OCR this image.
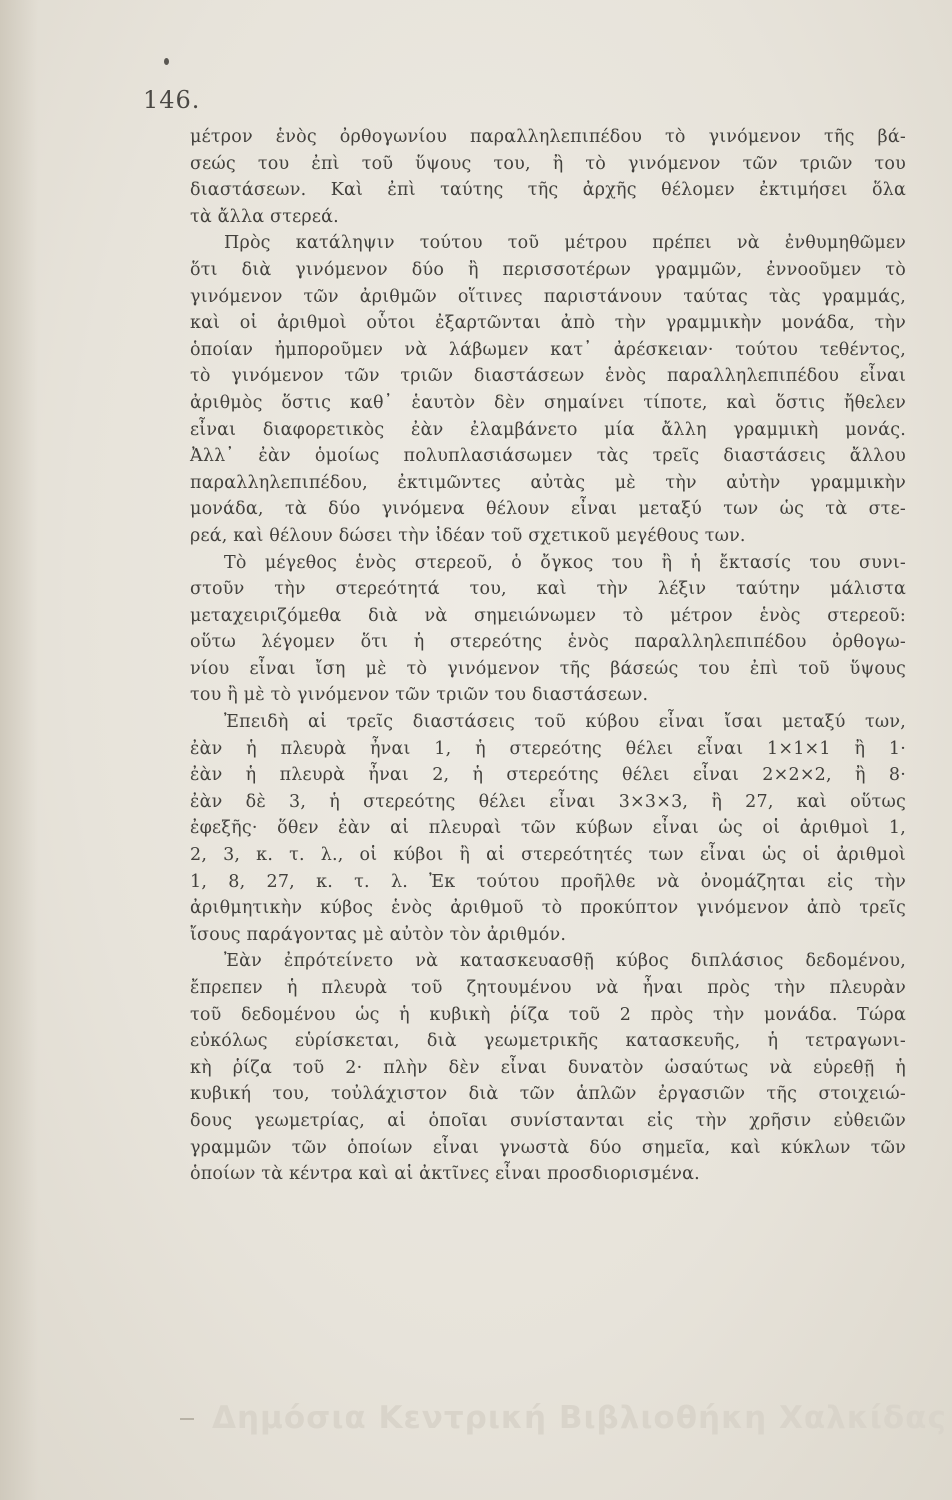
146.
μέτρον ἑνὸς ὀρθογωνίου παραλληλεπιπέδου τὸ γινόμενον τῆς βά-
σεώς του ἐπὶ τοῦ ὕψους του, ἢ τὸ γινόμενον τῶν τριῶν του
διαστάσεων. Καὶ ἐπὶ ταύτης τῆς ἀρχῆς θέλομεν ἐκτιμήσει ὅλα
τὰ ἄλλα στερεά.
Πρὸς κατάληψιν τούτου τοῦ μέτρου πρέπει νὰ ἐνθυμηθῶμεν
ὅτι διὰ γινόμενον δύο ἢ περισσοτέρων γραμμῶν, ἐννοοῦμεν τὸ
γινόμενον τῶν ἀριθμῶν οἵτινες παριστάνουν ταύτας τὰς γραμμάς,
καὶ οἱ ἀριθμοὶ οὗτοι ἐξαρτῶνται ἀπὸ τὴν γραμμικὴν μονάδα, τὴν
ὁποίαν ἠμποροῦμεν νὰ λάβωμεν κατ᾿ ἀρέσκειαν· τούτου τεθέντος,
τὸ γινόμενον τῶν τριῶν διαστάσεων ἑνὸς παραλληλεπιπέδου εἶναι
ἀριθμὸς ὅστις καθ᾿ ἑαυτὸν δὲν σημαίνει τίποτε, καὶ ὅστις ἤθελεν
εἶναι διαφορετικὸς ἐὰν ἐλαμβάνετο μία ἄλλη γραμμικὴ μονάς.
Ἀλλ᾿ ἐὰν ὁμοίως πολυπλασιάσωμεν τὰς τρεῖς διαστάσεις ἄλλου
παραλληλεπιπέδου, ἐκτιμῶντες αὐτὰς μὲ τὴν αὐτὴν γραμμικὴν
μονάδα, τὰ δύο γινόμενα θέλουν εἶναι μεταξύ των ὡς τὰ στε-
ρεά, καὶ θέλουν δώσει τὴν ἰδέαν τοῦ σχετικοῦ μεγέθους των.
Τὸ μέγεθος ἑνὸς στερεοῦ, ὁ ὄγκος του ἢ ἡ ἔκτασίς του συνι-
στοῦν τὴν στερεότητά του, καὶ τὴν λέξιν ταύτην μάλιστα
μεταχειριζόμεθα διὰ νὰ σημειώνωμεν τὸ μέτρον ἑνὸς στερεοῦ:
οὕτω λέγομεν ὅτι ἡ στερεότης ἑνὸς παραλληλεπιπέδου ὀρθογω-
νίου εἶναι ἴση μὲ τὸ γινόμενον τῆς βάσεώς του ἐπὶ τοῦ ὕψους
του ἢ μὲ τὸ γινόμενον τῶν τριῶν του διαστάσεων.
Ἐπειδὴ αἱ τρεῖς διαστάσεις τοῦ κύβου εἶναι ἴσαι μεταξύ των,
ἐὰν ἡ πλευρὰ ἦναι 1, ἡ στερεότης θέλει εἶναι 1×1×1 ἢ 1·
ἐὰν ἡ πλευρὰ ἦναι 2, ἡ στερεότης θέλει εἶναι 2×2×2, ἢ 8·
ἐὰν δὲ 3, ἡ στερεότης θέλει εἶναι 3×3×3, ἢ 27, καὶ οὕτως
ἐφεξῆς· ὅθεν ἐὰν αἱ πλευραὶ τῶν κύβων εἶναι ὡς οἱ ἀριθμοὶ 1,
2, 3, κ. τ. λ., οἱ κύβοι ἢ αἱ στερεότητές των εἶναι ὡς οἱ ἀριθμοὶ
1, 8, 27, κ. τ. λ. Ἐκ τούτου προῆλθε νὰ ὀνομάζηται εἰς τὴν
ἀριθμητικὴν κύβος ἑνὸς ἀριθμοῦ τὸ προκύπτον γινόμενον ἀπὸ τρεῖς
ἴσους παράγοντας μὲ αὐτὸν τὸν ἀριθμόν.
Ἐὰν ἐπρότείνετο νὰ κατασκευασθῇ κύβος διπλάσιος δεδομένου,
ἔπρεπεν ἡ πλευρὰ τοῦ ζητουμένου νὰ ἦναι πρὸς τὴν πλευρὰν
τοῦ δεδομένου ὡς ἡ κυβικὴ ῥίζα τοῦ 2 πρὸς τὴν μονάδα. Τώρα
εὐκόλως εὑρίσκεται, διὰ γεωμετρικῆς κατασκευῆς, ἡ τετραγωνι-
κὴ ῥίζα τοῦ 2· πλὴν δὲν εἶναι δυνατὸν ὡσαύτως νὰ εὑρεθῇ ἡ
κυβική του, τοὐλάχιστον διὰ τῶν ἁπλῶν ἐργασιῶν τῆς στοιχειώ-
δους γεωμετρίας, αἱ ὁποῖαι συνίστανται εἰς τὴν χρῆσιν εὐθειῶν
γραμμῶν τῶν ὁποίων εἶναι γνωστὰ δύο σημεῖα, καὶ κύκλων τῶν
ὁποίων τὰ κέντρα καὶ αἱ ἀκτῖνες εἶναι προσδιορισμένα.
Δημόσια Κεντρική Βιβλιοθήκη Χαλκίδας
